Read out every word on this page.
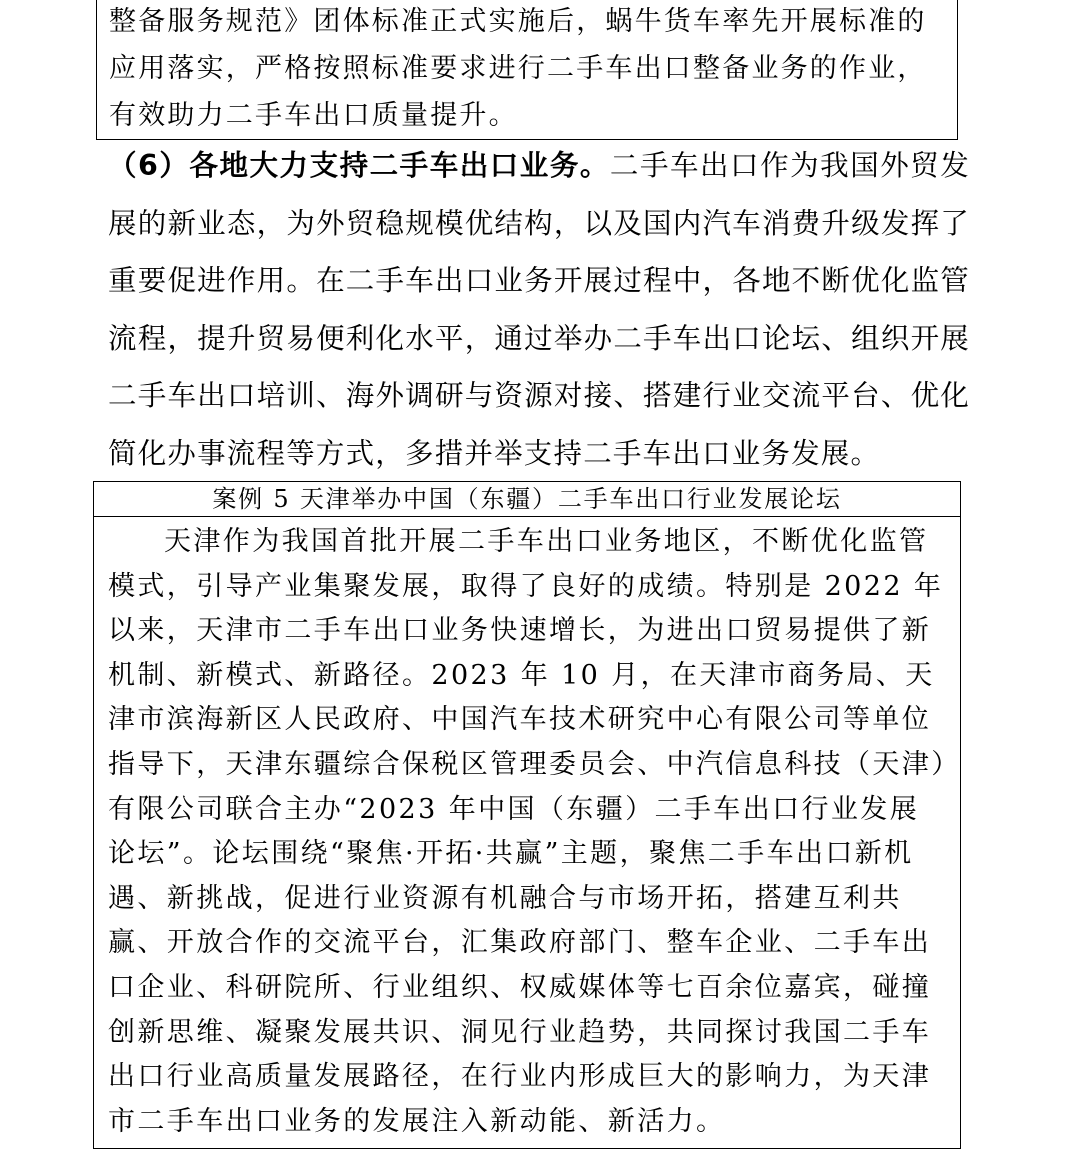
整备服务规范》团体标准正式实施后，蜗牛货车率先开展标准的应用落实，严格按照标准要求进行二手车出口整备业务的作业，有效助力二手车出口质量提升。

（6）各地大力支持二手车出口业务。二手车出口作为我国外贸发展的新业态，为外贸稳规模优结构，以及国内汽车消费升级发挥了重要促进作用。在二手车出口业务开展过程中，各地不断优化监管流程，提升贸易便利化水平，通过举办二手车出口论坛、组织开展二手车出口培训、海外调研与资源对接、搭建行业交流平台、优化简化办事流程等方式，多措并举支持二手车出口业务发展。

案例 5 天津举办中国（东疆）二手车出口行业发展论坛

天津作为我国首批开展二手车出口业务地区，不断优化监管模式，引导产业集聚发展，取得了良好的成绩。特别是 2022 年以来，天津市二手车出口业务快速增长，为进出口贸易提供了新机制、新模式、新路径。2023 年 10 月，在天津市商务局、天津市滨海新区人民政府、中国汽车技术研究中心有限公司等单位指导下，天津东疆综合保税区管理委员会、中汽信息科技（天津）有限公司联合主办“2023 年中国（东疆）二手车出口行业发展论坛”。论坛围绕“聚焦·开拓·共赢”主题，聚焦二手车出口新机遇、新挑战，促进行业资源有机融合与市场开拓，搭建互利共赢、开放合作的交流平台，汇集政府部门、整车企业、二手车出口企业、科研院所、行业组织、权威媒体等七百余位嘉宾，碰撞创新思维、凝聚发展共识、洞见行业趋势，共同探讨我国二手车出口行业高质量发展路径，在行业内形成巨大的影响力，为天津市二手车出口业务的发展注入新动能、新活力。
